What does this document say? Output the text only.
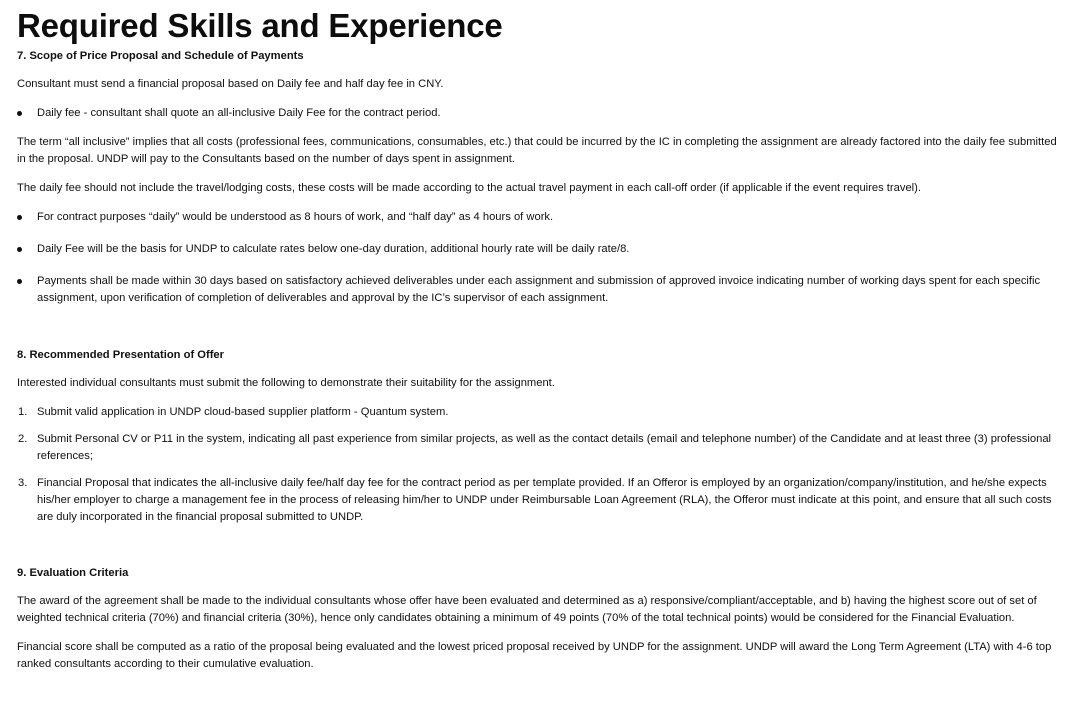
Required Skills and Experience
7. Scope of Price Proposal and Schedule of Payments

Consultant must send a financial proposal based on Daily fee and half day fee in CNY.

Daily fee - consultant shall quote an all-inclusive Daily Fee for the contract period.

The term “all inclusive” implies that all costs (professional fees, communications, consumables, etc.) that could be incurred by the IC in completing the assignment are already factored into the daily fee submitted in the proposal. UNDP will pay to the Consultants based on the number of days spent in assignment.

The daily fee should not include the travel/lodging costs, these costs will be made according to the actual travel payment in each call-off order (if applicable if the event requires travel).

For contract purposes “daily” would be understood as 8 hours of work, and “half day” as 4 hours of work.
Daily Fee will be the basis for UNDP to calculate rates below one-day duration, additional hourly rate will be daily rate/8.
Payments shall be made within 30 days based on satisfactory achieved deliverables under each assignment and submission of approved invoice indicating number of working days spent for each specific assignment, upon verification of completion of deliverables and approval by the IC’s supervisor of each assignment.
8. Recommended Presentation of Offer

Interested individual consultants must submit the following to demonstrate their suitability for the assignment.

1. Submit valid application in UNDP cloud-based supplier platform - Quantum system.
2. Submit Personal CV or P11 in the system, indicating all past experience from similar projects, as well as the contact details (email and telephone number) of the Candidate and at least three (3) professional references;
3. Financial Proposal that indicates the all-inclusive daily fee/half day fee for the contract period as per template provided. If an Offeror is employed by an organization/company/institution, and he/she expects his/her employer to charge a management fee in the process of releasing him/her to UNDP under Reimbursable Loan Agreement (RLA), the Offeror must indicate at this point, and ensure that all such costs are duly incorporated in the financial proposal submitted to UNDP.
9. Evaluation Criteria

The award of the agreement shall be made to the individual consultants whose offer have been evaluated and determined as a) responsive/compliant/acceptable, and b) having the highest score out of set of weighted technical criteria (70%) and financial criteria (30%), hence only candidates obtaining a minimum of 49 points (70% of the total technical points) would be considered for the Financial Evaluation.

Financial score shall be computed as a ratio of the proposal being evaluated and the lowest priced proposal received by UNDP for the assignment. UNDP will award the Long Term Agreement (LTA) with 4-6 top ranked consultants according to their cumulative evaluation.
